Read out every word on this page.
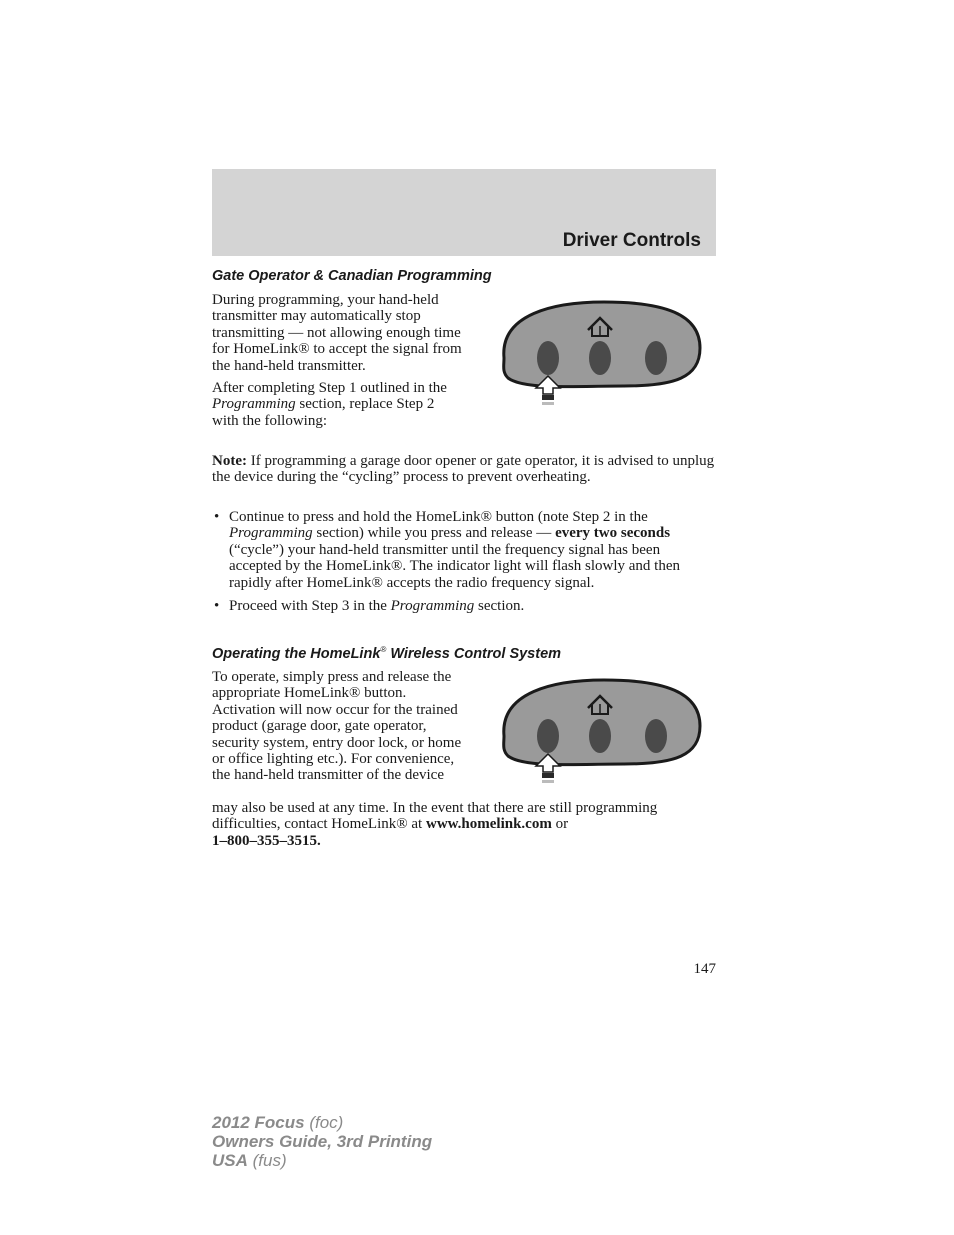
Driver Controls
Gate Operator & Canadian Programming

During programming, your hand-held transmitter may automatically stop transmitting — not allowing enough time for HomeLink® to accept the signal from the hand-held transmitter.

After completing Step 1 outlined in the Programming section, replace Step 2 with the following:

Note: If programming a garage door opener or gate operator, it is advised to unplug the device during the “cycling” process to prevent overheating.

• Continue to press and hold the HomeLink® button (note Step 2 in the Programming section) while you press and release — every two seconds (“cycle”) your hand-held transmitter until the frequency signal has been accepted by the HomeLink®. The indicator light will flash slowly and then rapidly after HomeLink® accepts the radio frequency signal.
• Proceed with Step 3 in the Programming section.
Operating the HomeLink® Wireless Control System

To operate, simply press and release the appropriate HomeLink® button. Activation will now occur for the trained product (garage door, gate operator, security system, entry door lock, or home or office lighting etc.). For convenience, the hand-held transmitter of the device

may also be used at any time. In the event that there are still programming difficulties, contact HomeLink® at www.homelink.com or
1–800–355–3515.

147
2012 Focus (foc)
Owners Guide, 3rd Printing
USA (fus)
